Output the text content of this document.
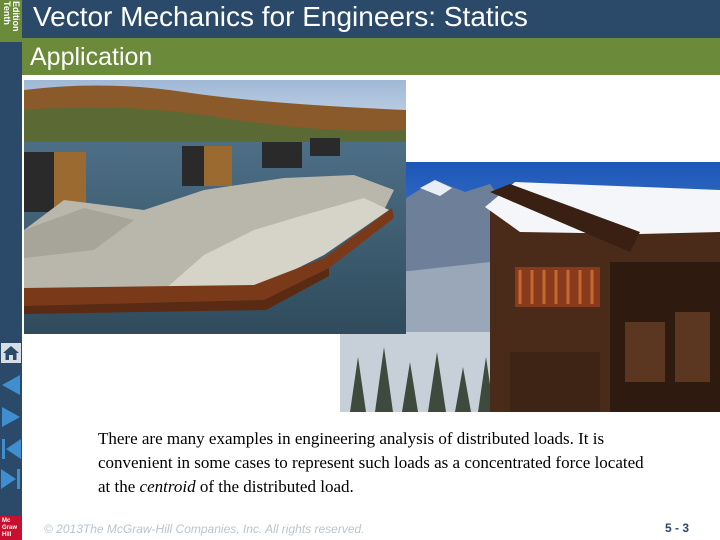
Tenth Edition Vector Mechanics for Engineers: Statics
Application
Mc
Graw
Hill
There are many examples in engineering analysis of distributed loads. It is convenient in some cases to represent such loads as a concentrated force located at the centroid of the distributed load.
© 2013The McGraw-Hill Companies, Inc. All rights reserved.	5 - 3
